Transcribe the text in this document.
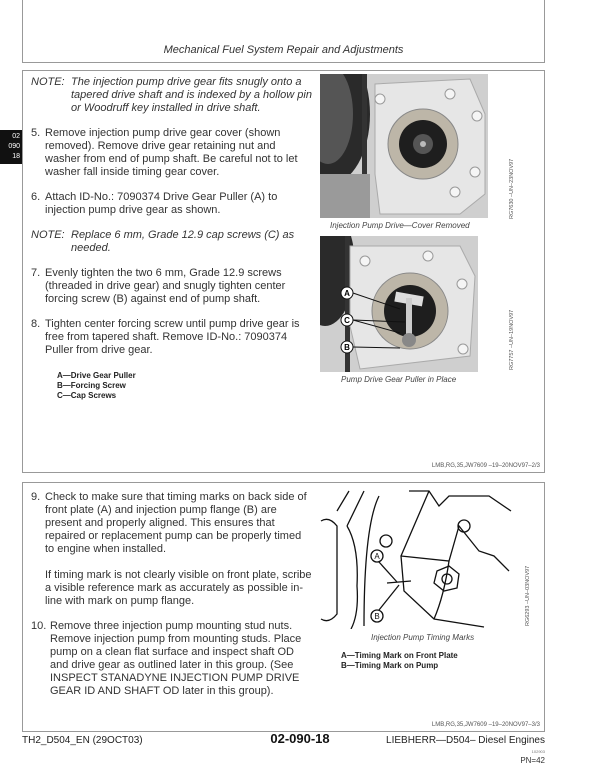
Mechanical Fuel System Repair and Adjustments
02
090
18
NOTE: The injection pump drive gear fits snugly onto a tapered drive shaft and is indexed by a hollow pin or Woodruff key installed in drive shaft.
5. Remove injection pump drive gear cover (shown removed). Remove drive gear retaining nut and washer from end of pump shaft. Be careful not to let washer fall inside timing gear cover.
6. Attach ID-No.: 7090374 Drive Gear Puller (A) to injection pump drive gear as shown.
NOTE: Replace 6 mm, Grade 12.9 cap screws (C) as needed.
7. Evenly tighten the two 6 mm, Grade 12.9 screws (threaded in drive gear) and snugly tighten center forcing screw (B) against end of pump shaft.
8. Tighten center forcing screw until pump drive gear is free from tapered shaft. Remove ID-No.: 7090374 Puller from drive gear.
A—Drive Gear Puller
B—Forcing Screw
C—Cap Screws
Injection Pump Drive—Cover Removed
RG7630 –UN–23NOV97
A
C
B
Pump Drive Gear Puller in Place
RG7757 –UN–19NOV97
LMB,RG,35,JW7609 –19–20NOV97–2/3
9. Check to make sure that timing marks on back side of front plate (A) and injection pump flange (B) are present and properly aligned. This ensures that repaired or replacement pump can be properly timed to engine when installed.
If timing mark is not clearly visible on front plate, scribe a visible reference mark as accurately as possible in-line with mark on pump flange.
10. Remove three injection pump mounting stud nuts. Remove injection pump from mounting studs. Place pump on a clean flat surface and inspect shaft OD and drive gear as outlined later in this group. (See INSPECT STANADYNE INJECTION PUMP DRIVE GEAR ID AND SHAFT OD later in this group).
A
B
Injection Pump Timing Marks
RG6293 –UN–03NOV97
A—Timing Mark on Front Plate
B—Timing Mark on Pump
LMB,RG,35,JW7609 –19–20NOV97–3/3
TH2_D504_EN (29OCT03)	02-090-18	LIEBHERR—D504– Diesel Engines
102903
PN=42
